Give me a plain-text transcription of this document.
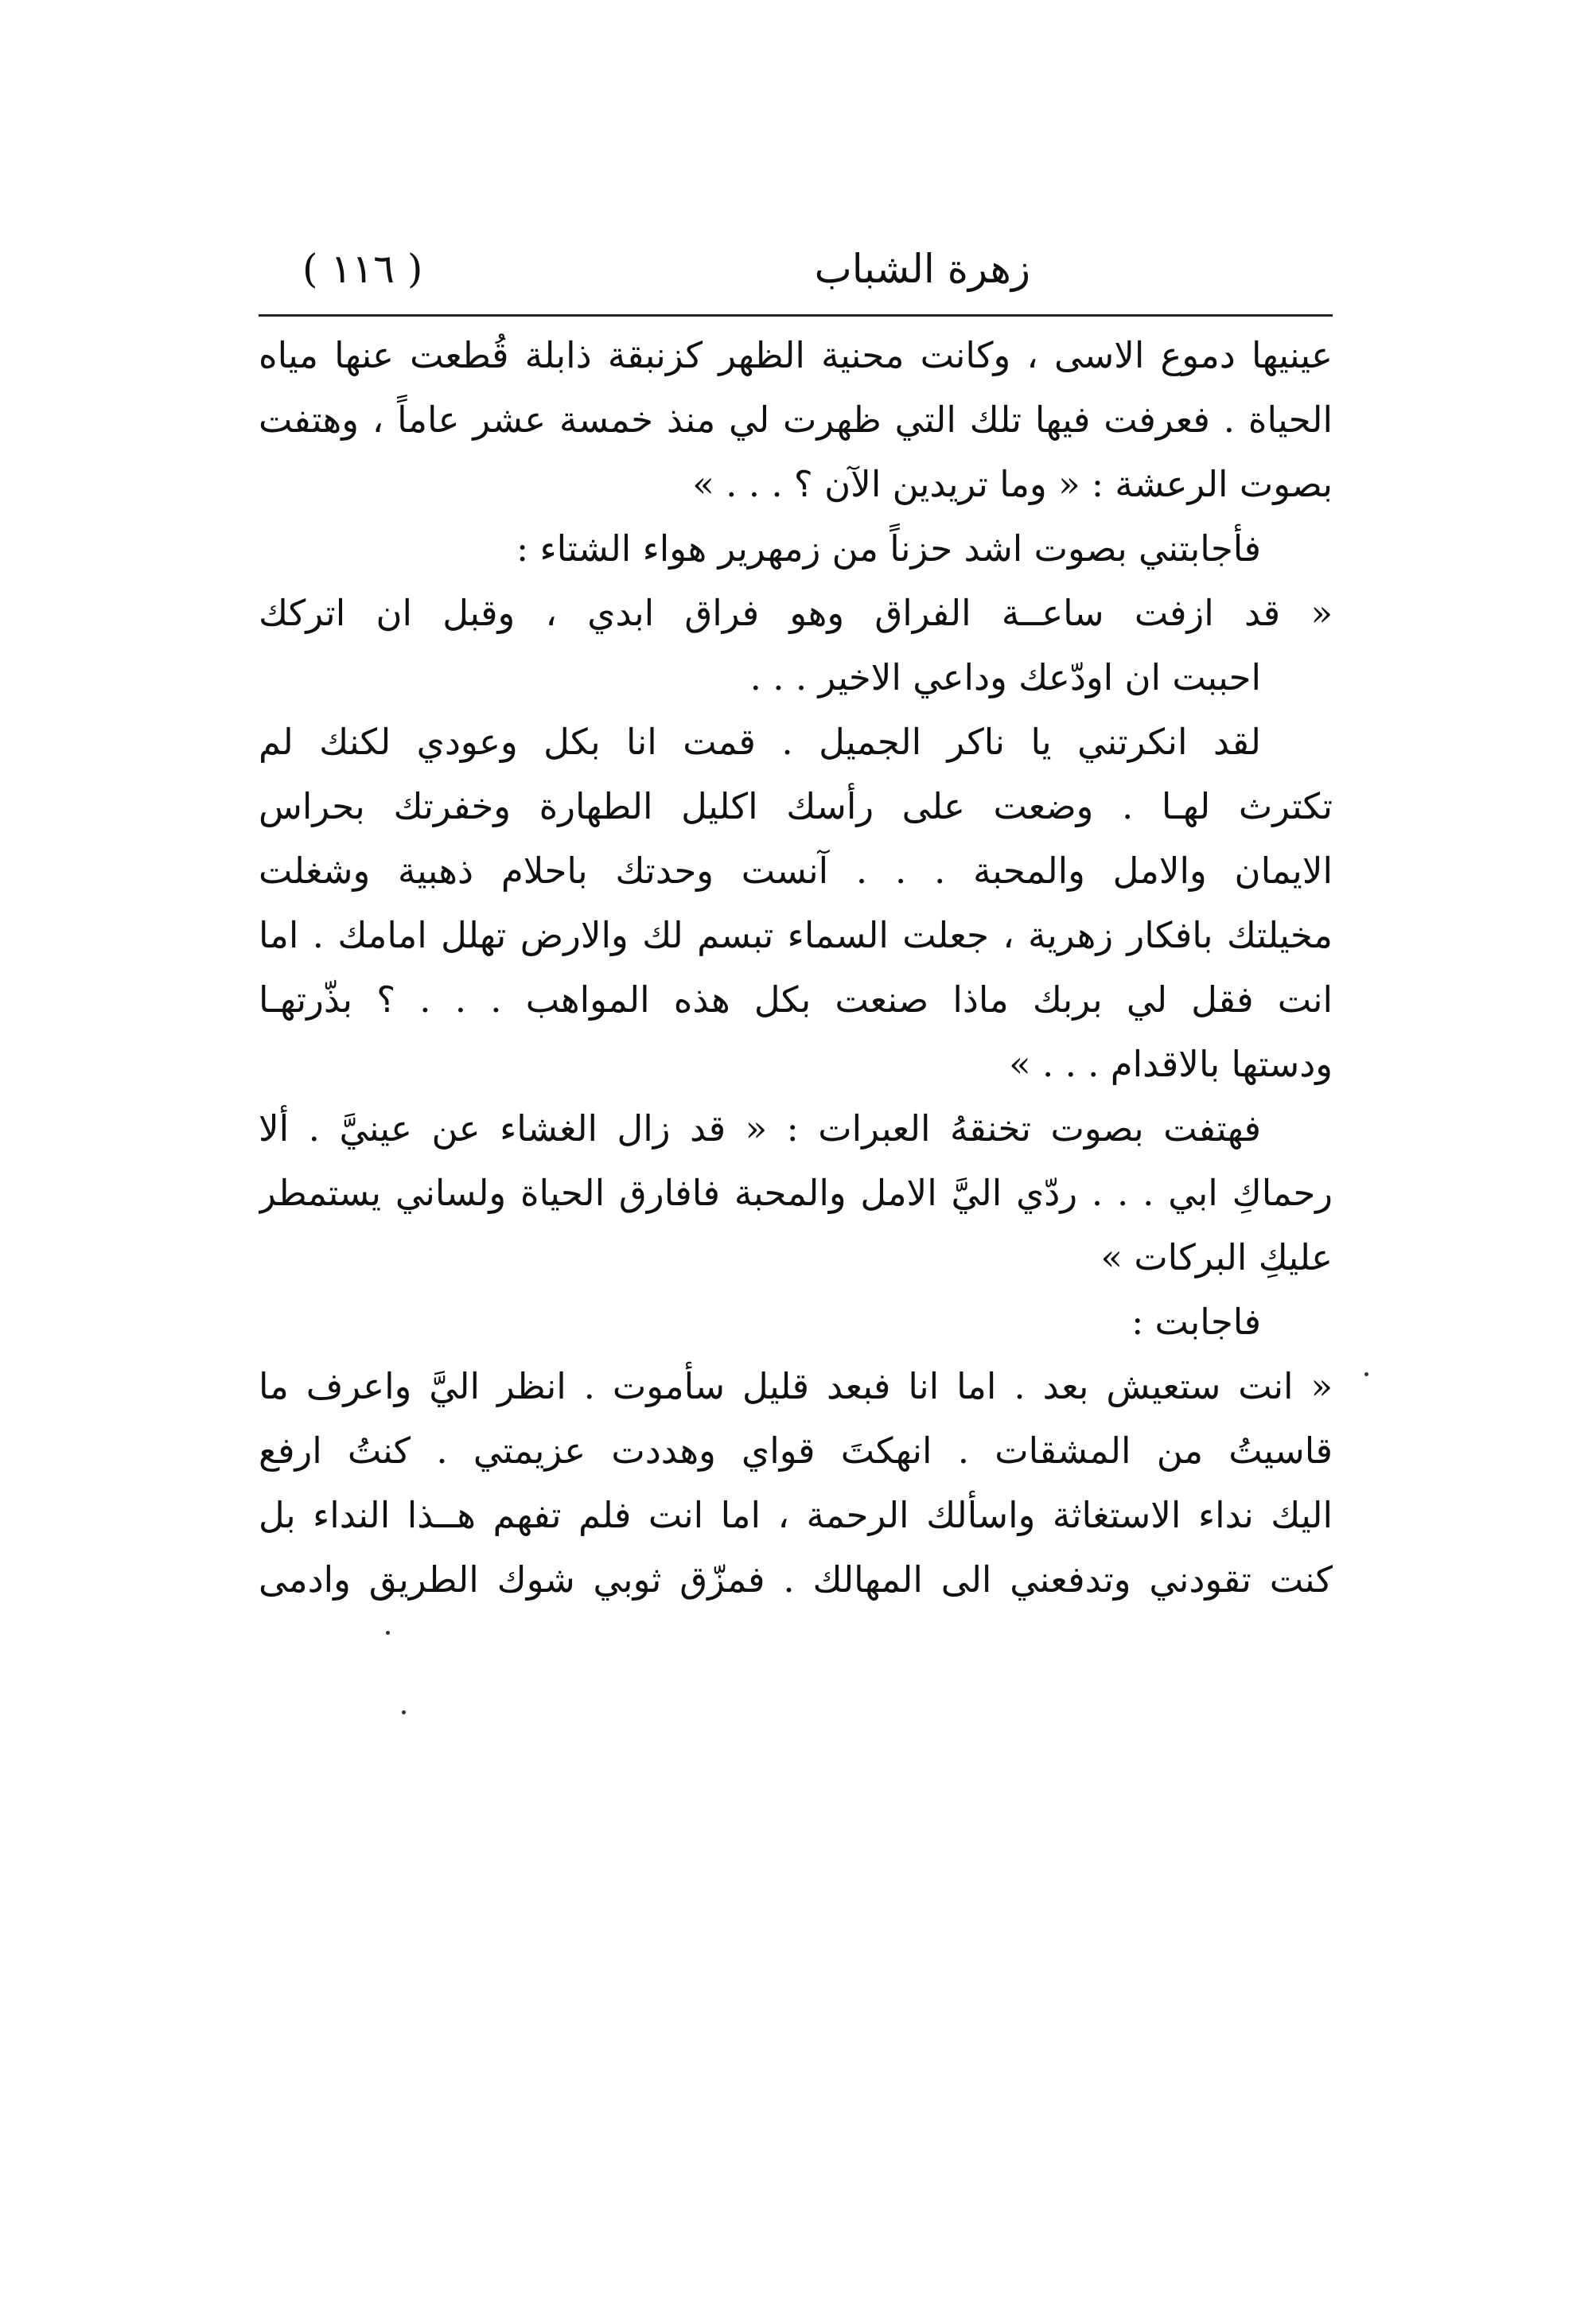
زهرة الشباب
( ١١٦ )
عينيها دموع الاسى ، وكانت محنية الظهر كزنبقة ذابلة قُطعت عنها مياه
الحياة . فعرفت فيها تلك التي ظهرت لي منذ خمسة عشر عاماً ، وهتفت
بصوت الرعشة : « وما تريدين الآن ؟ . . . »
فأجابتني بصوت اشد حزناً من زمهرير هواء الشتاء :
« قد ازفت ساعــة الفراق وهو فراق ابدي ، وقبل ان اتركك
احببت ان اودّعك وداعي الاخير . . .
لقد انكرتني يا ناكر الجميل . قمت انا بكل وعودي لكنك لم
تكترث لهـا . وضعت على رأسك اكليل الطهارة وخفرتك بحراس
الايمان والامل والمحبة . . . آنست وحدتك باحلام ذهبية وشغلت
مخيلتك بافكار زهرية ، جعلت السماء تبسم لك والارض تهلل امامك . اما
انت فقل لي بربك ماذا صنعت بكل هذه المواهب . . . ؟ بذّرتهـا
ودستها بالاقدام . . . »
فهتفت بصوت تخنقهُ العبرات : « قد زال الغشاء عن عينيَّ . ألا
رحماكِ ابي . . . ردّي اليَّ الامل والمحبة فافارق الحياة ولساني يستمطر
عليكِ البركات »
فاجابت :
« انت ستعيش بعد . اما انا فبعد قليل سأموت . انظر اليَّ واعرف ما
قاسيتُ من المشقات . انهكتَ قواي وهددت عزيمتي . كنتُ ارفع
اليك نداء الاستغاثة واسألك الرحمة ، اما انت فلم تفهم هــذا النداء بل
كنت تقودني وتدفعني الى المهالك . فمزّق ثوبي شوك الطريق وادمى
